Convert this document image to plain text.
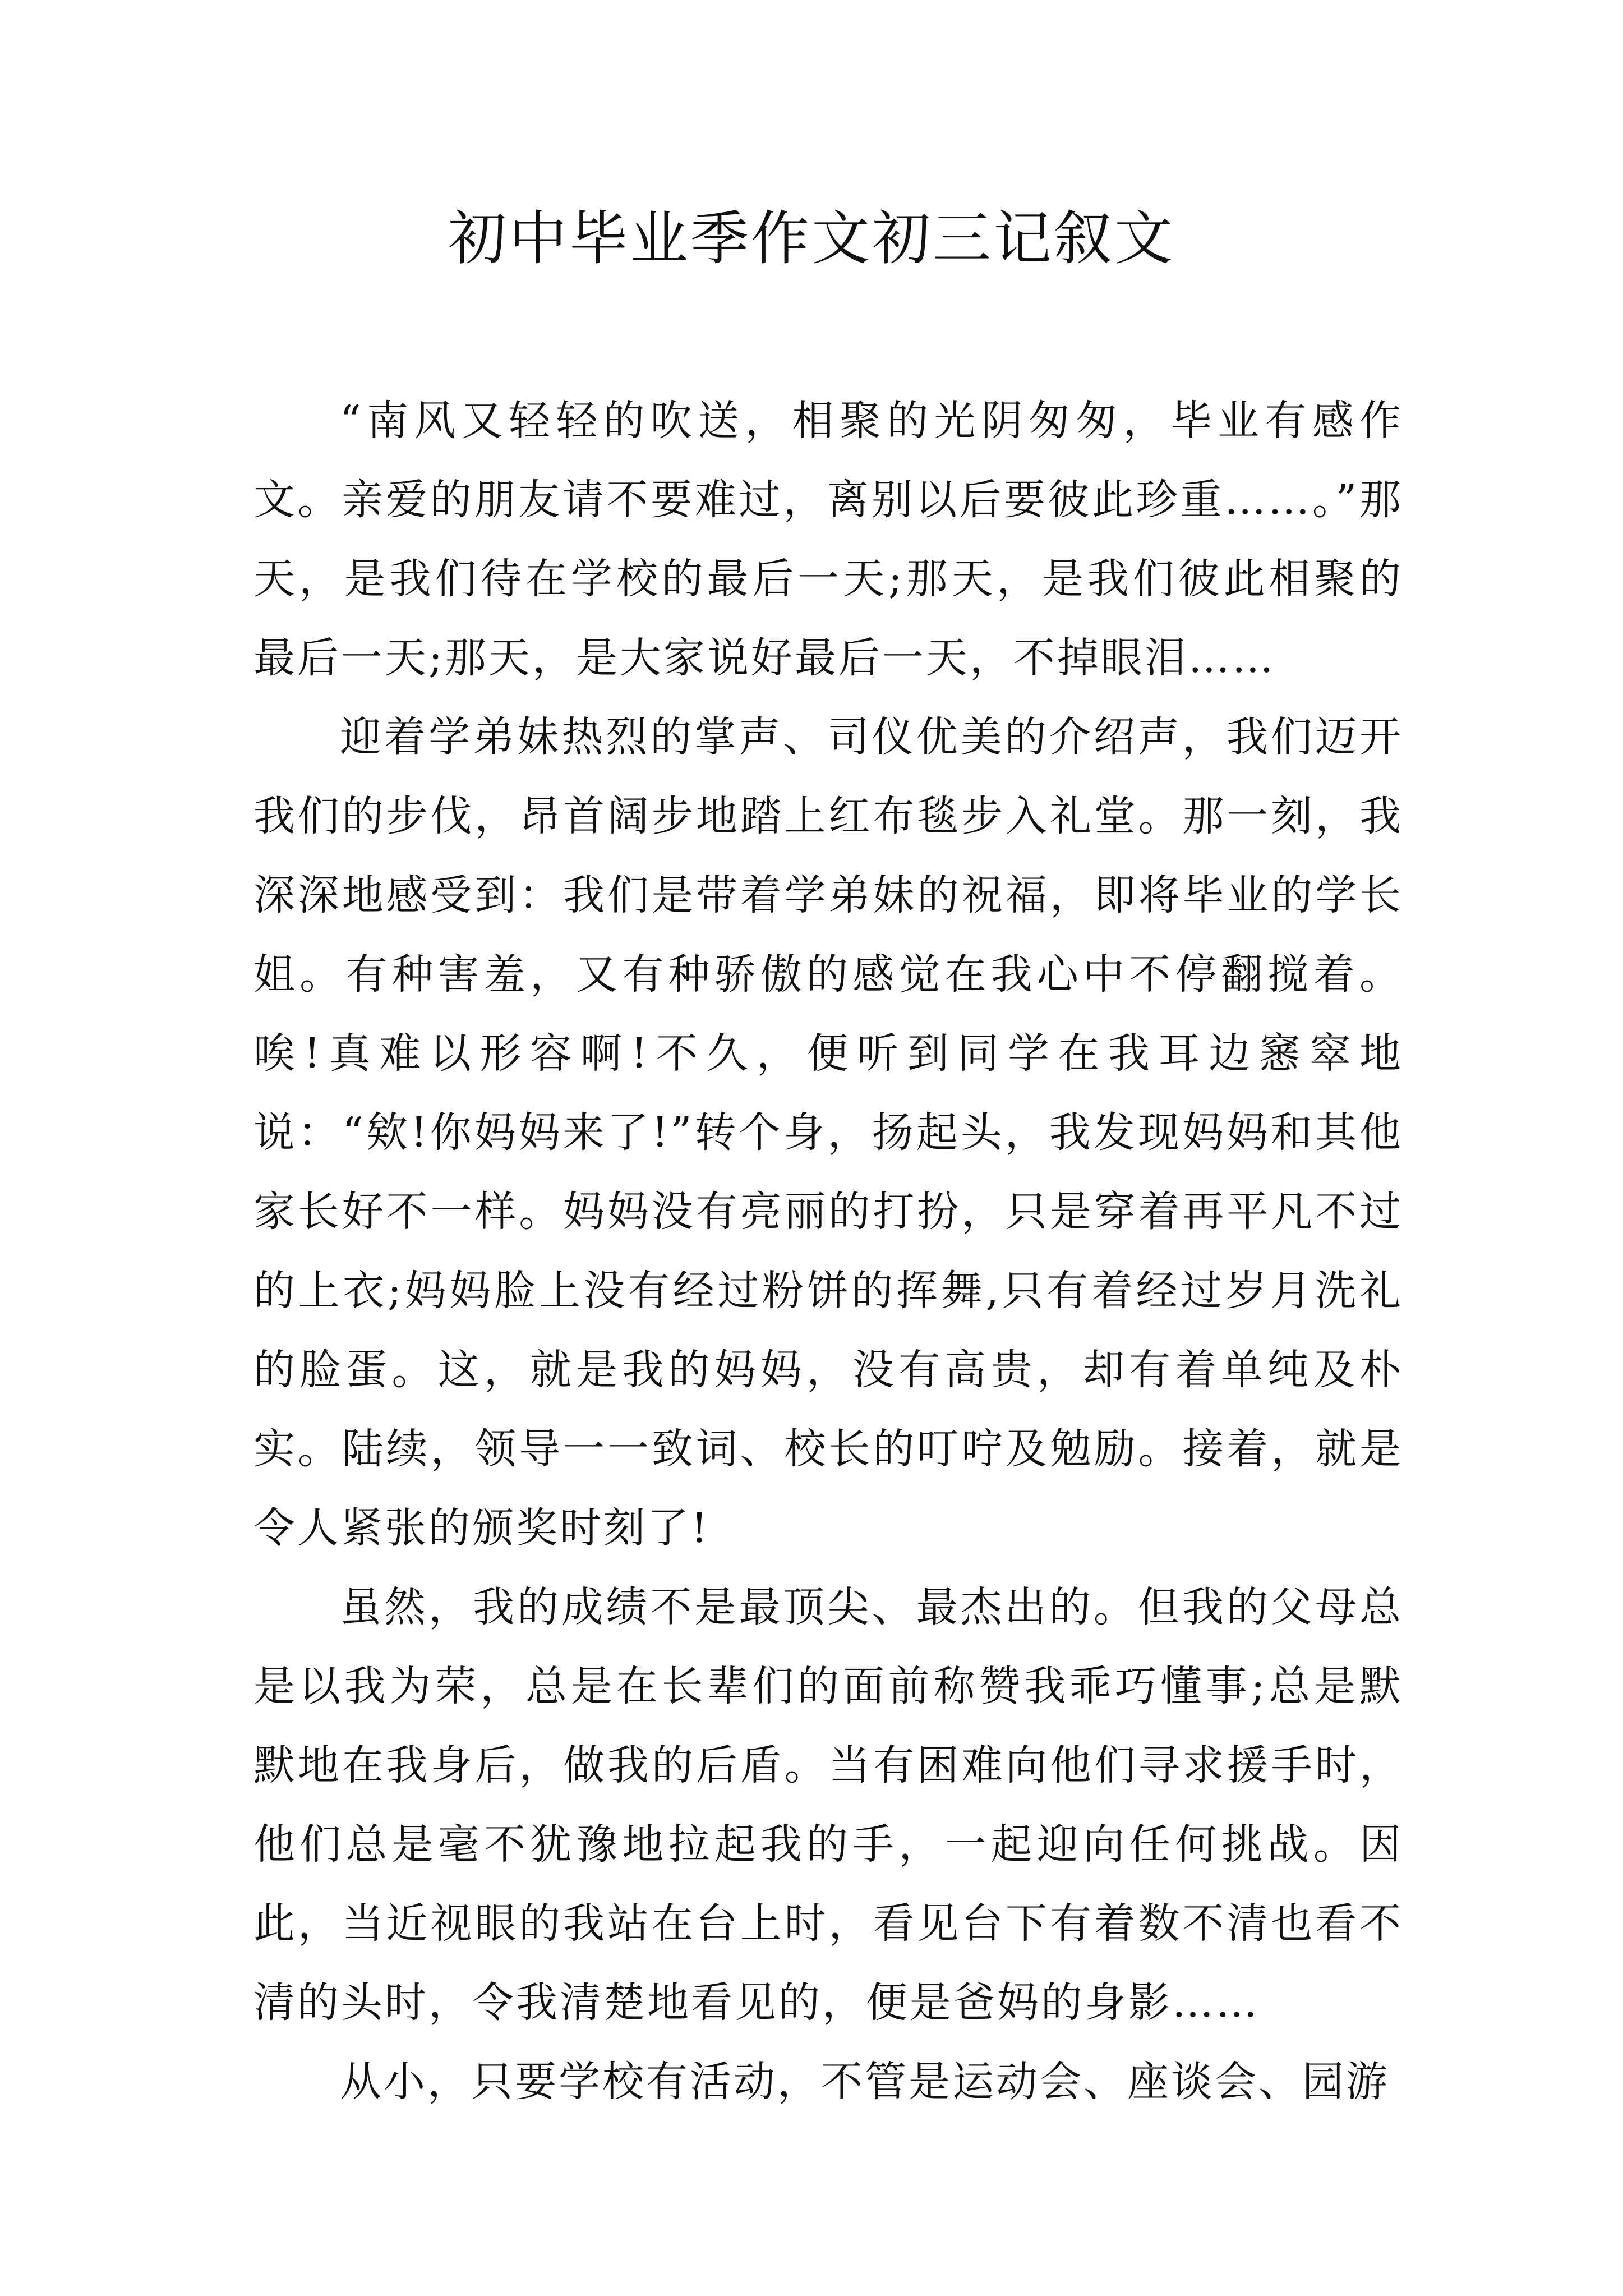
初中毕业季作文初三记叙文

“南风又轻轻的吹送，相聚的光阴匆匆，毕业有感作文。亲爱的朋友请不要难过，离别以后要彼此珍重……。”那天，是我们待在学校的最后一天;那天，是我们彼此相聚的最后一天;那天，是大家说好最后一天，不掉眼泪……

迎着学弟妹热烈的掌声、司仪优美的介绍声，我们迈开我们的步伐，昂首阔步地踏上红布毯步入礼堂。那一刻，我深深地感受到：我们是带着学弟妹的祝福，即将毕业的学长姐。有种害羞，又有种骄傲的感觉在我心中不停翻搅着。唉!真难以形容啊!不久，便听到同学在我耳边窸窣地说：“欸!你妈妈来了!”转个身，扬起头，我发现妈妈和其他家长好不一样。妈妈没有亮丽的打扮，只是穿着再平凡不过的上衣;妈妈脸上没有经过粉饼的挥舞,只有着经过岁月洗礼的脸蛋。这，就是我的妈妈，没有高贵，却有着单纯及朴实。陆续，领导一一致词、校长的叮咛及勉励。接着，就是令人紧张的颁奖时刻了!

虽然，我的成绩不是最顶尖、最杰出的。但我的父母总是以我为荣，总是在长辈们的面前称赞我乖巧懂事;总是默默地在我身后，做我的后盾。当有困难向他们寻求援手时，他们总是毫不犹豫地拉起我的手，一起迎向任何挑战。因此，当近视眼的我站在台上时，看见台下有着数不清也看不清的头时，令我清楚地看见的，便是爸妈的身影……

从小，只要学校有活动，不管是运动会、座谈会、园游
